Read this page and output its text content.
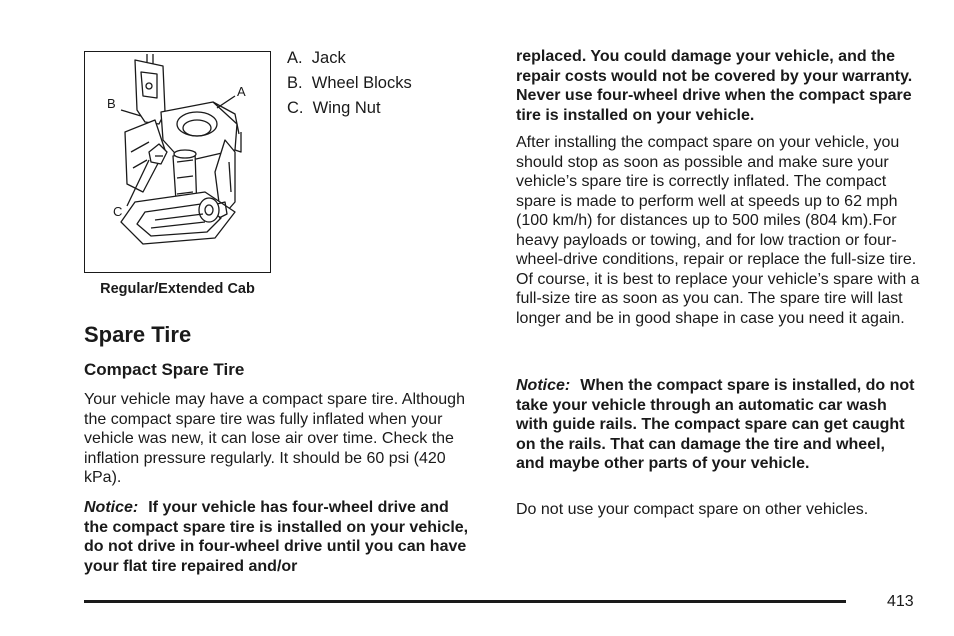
B
A
C
Regular/Extended Cab
A. Jack
B. Wheel Blocks
C. Wing Nut
Spare Tire
Compact Spare Tire
Your vehicle may have a compact spare tire. Although the compact spare tire was fully inflated when your vehicle was new, it can lose air over time. Check the inflation pressure regularly. It should be 60 psi (420 kPa).
Notice: If your vehicle has four-wheel drive and the compact spare tire is installed on your vehicle, do not drive in four-wheel drive until you can have your flat tire repaired and/or
replaced. You could damage your vehicle, and the repair costs would not be covered by your warranty. Never use four-wheel drive when the compact spare tire is installed on your vehicle.
After installing the compact spare on your vehicle, you should stop as soon as possible and make sure your vehicle’s spare tire is correctly inflated. The compact spare is made to perform well at speeds up to 62 mph (100 km/h) for distances up to 500 miles (804 km).For heavy payloads or towing, and for low traction or four-wheel-drive conditions, repair or replace the full-size tire. Of course, it is best to replace your vehicle’s spare with a full-size tire as soon as you can. The spare tire will last longer and be in good shape in case you need it again.
Notice: When the compact spare is installed, do not take your vehicle through an automatic car wash with guide rails. The compact spare can get caught on the rails. That can damage the tire and wheel, and maybe other parts of your vehicle.
Do not use your compact spare on other vehicles.
413
